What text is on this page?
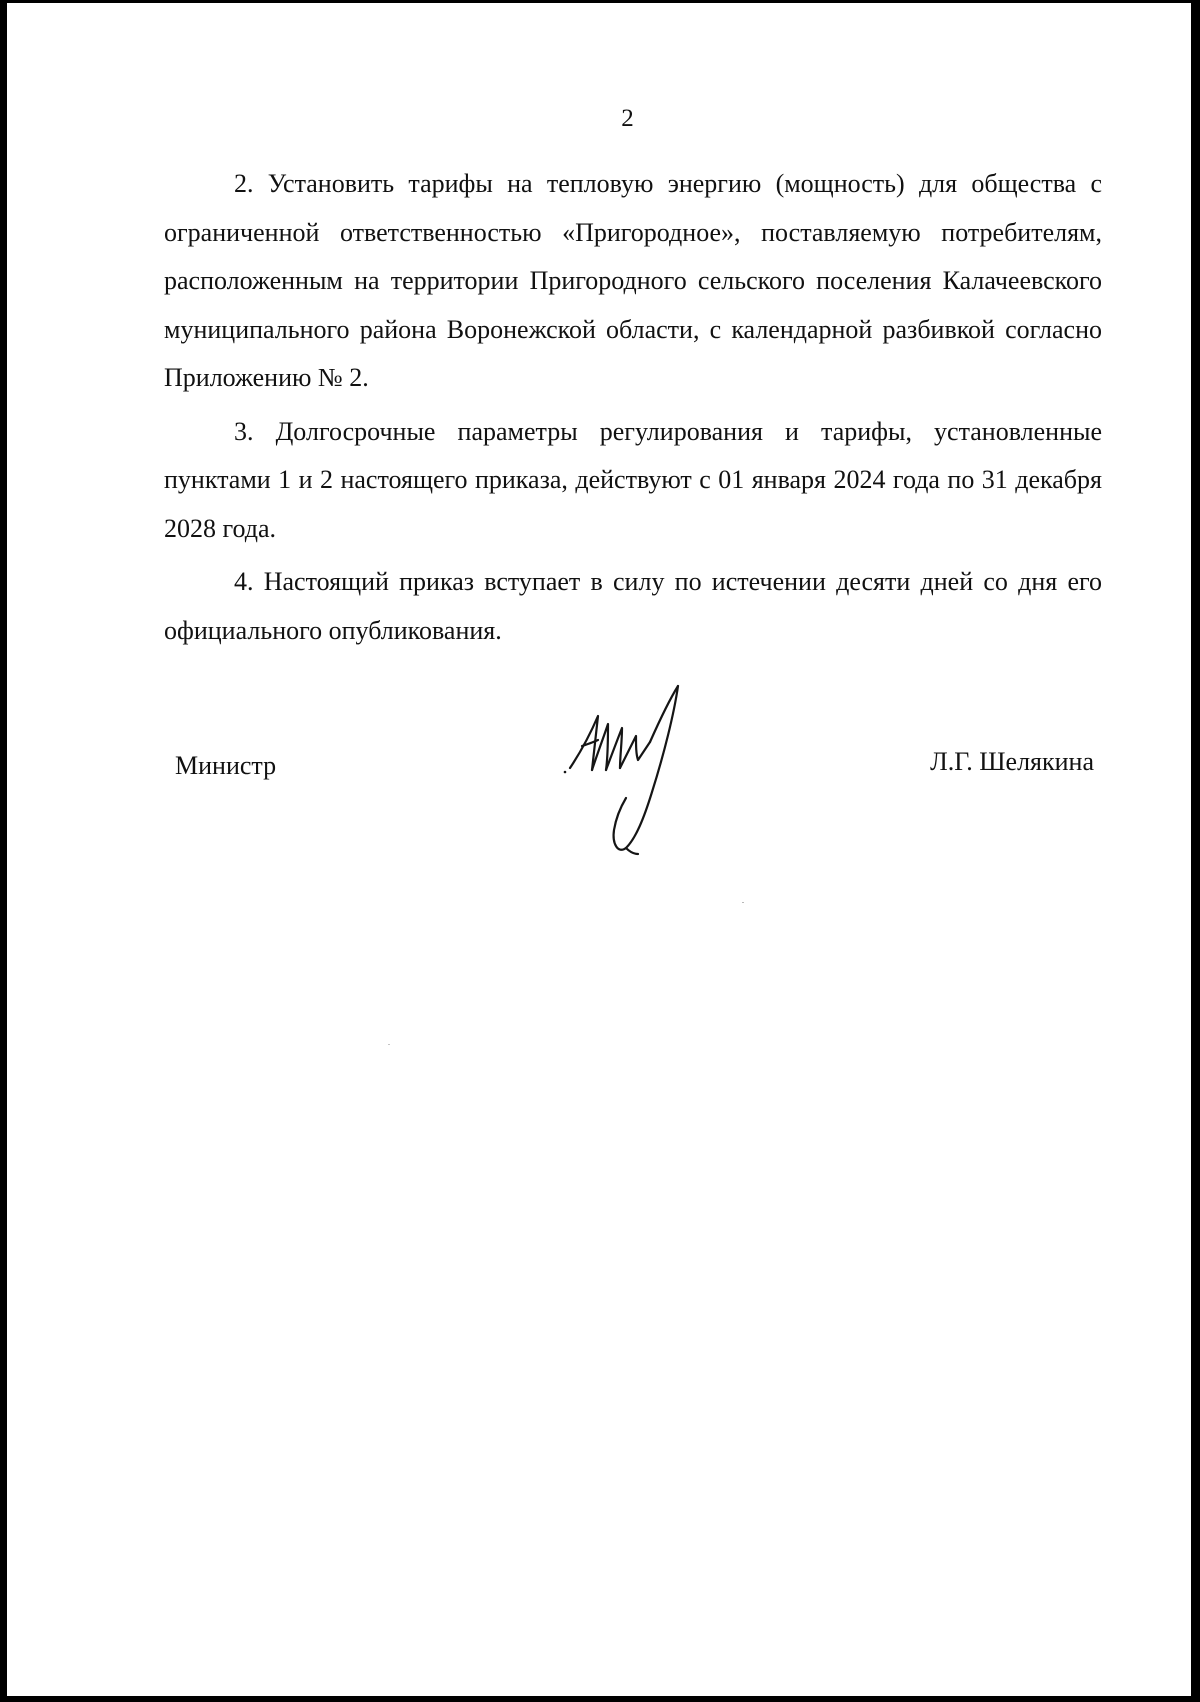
2

2. Установить тарифы на тепловую энергию (мощность) для общества с ограниченной ответственностью «Пригородное», поставляемую потребителям, расположенным на территории Пригородного сельского поселения Калачеевского муниципального района Воронежской области, с календарной разбивкой согласно Приложению № 2.

3. Долгосрочные параметры регулирования и тарифы, установленные пунктами 1 и 2 настоящего приказа, действуют с 01 января 2024 года по 31 декабря 2028 года.

4. Настоящий приказ вступает в силу по истечении десяти дней со дня его официального опубликования.

Министр	Л.Г. Шелякина
